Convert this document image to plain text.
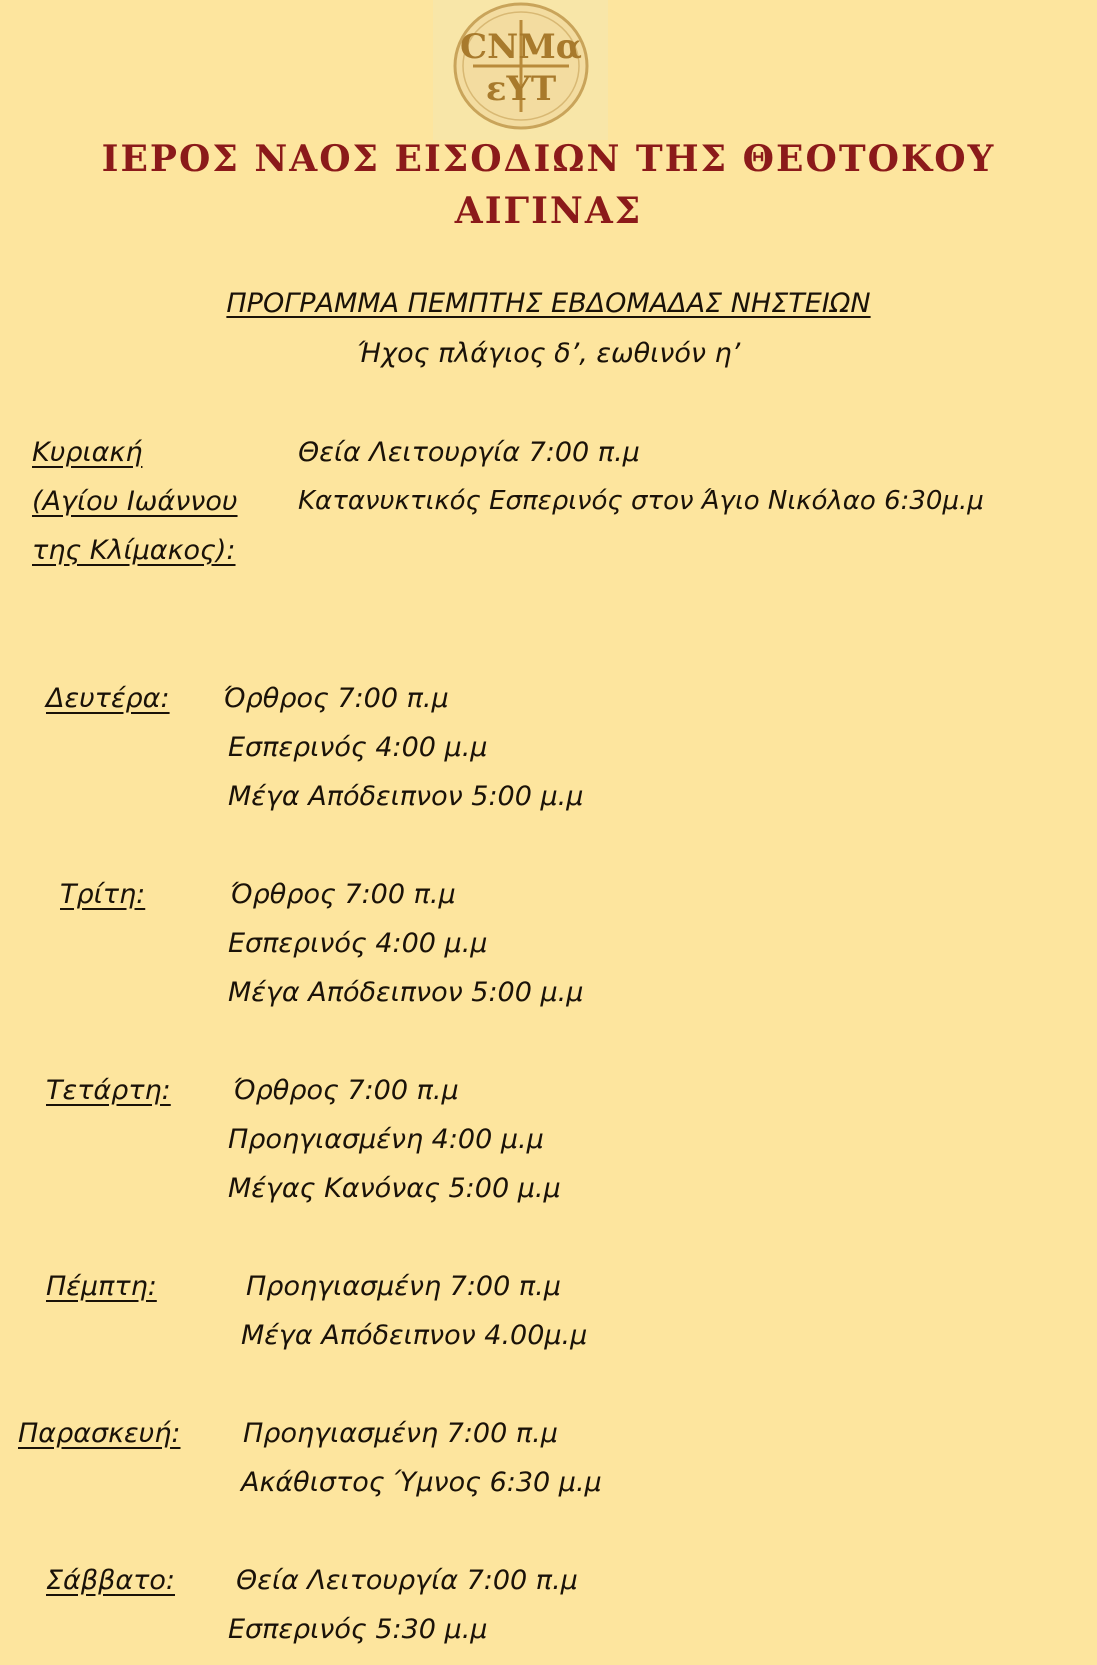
CΝΜα
εΥΤ
ΙΕΡΟΣ ΝΑΟΣ ΕΙΣΟΔΙΩΝ ΤΗΣ ΘΕΟΤΟΚΟΥ
ΑΙΓΙΝΑΣ
ΠΡΟΓΡΑΜΜΑ ΠΕΜΠΤΗΣ ΕΒΔΟΜΑΔΑΣ ΝΗΣΤΕΙΩΝ
Ήχος πλάγιος δ’, εωθινόν η’
Κυριακή
(Αγίου Ιωάννου
της Κλίμακος):
Θεία Λειτουργία 7:00 π.μ
Κατανυκτικός Εσπερινός στον Άγιο Νικόλαο 6:30μ.μ
Δευτέρα: Όρθρος 7:00 π.μ
Εσπερινός 4:00 μ.μ
Μέγα Απόδειπνον 5:00 μ.μ
Τρίτη:	Όρθρος 7:00 π.μ
Εσπερινός 4:00 μ.μ
Μέγα Απόδειπνον 5:00 μ.μ
Τετάρτη: Όρθρος 7:00 π.μ
Προηγιασμένη 4:00 μ.μ
Μέγας Κανόνας 5:00 μ.μ
Πέμπτη:	Προηγιασμένη 7:00 π.μ
Μέγα Απόδειπνον 4.00μ.μ
Παρασκευή: Προηγιασμένη 7:00 π.μ
Ακάθιστος Ύμνος 6:30 μ.μ
Σάββατο: Θεία Λειτουργία 7:00 π.μ
Εσπερινός 5:30 μ.μ
